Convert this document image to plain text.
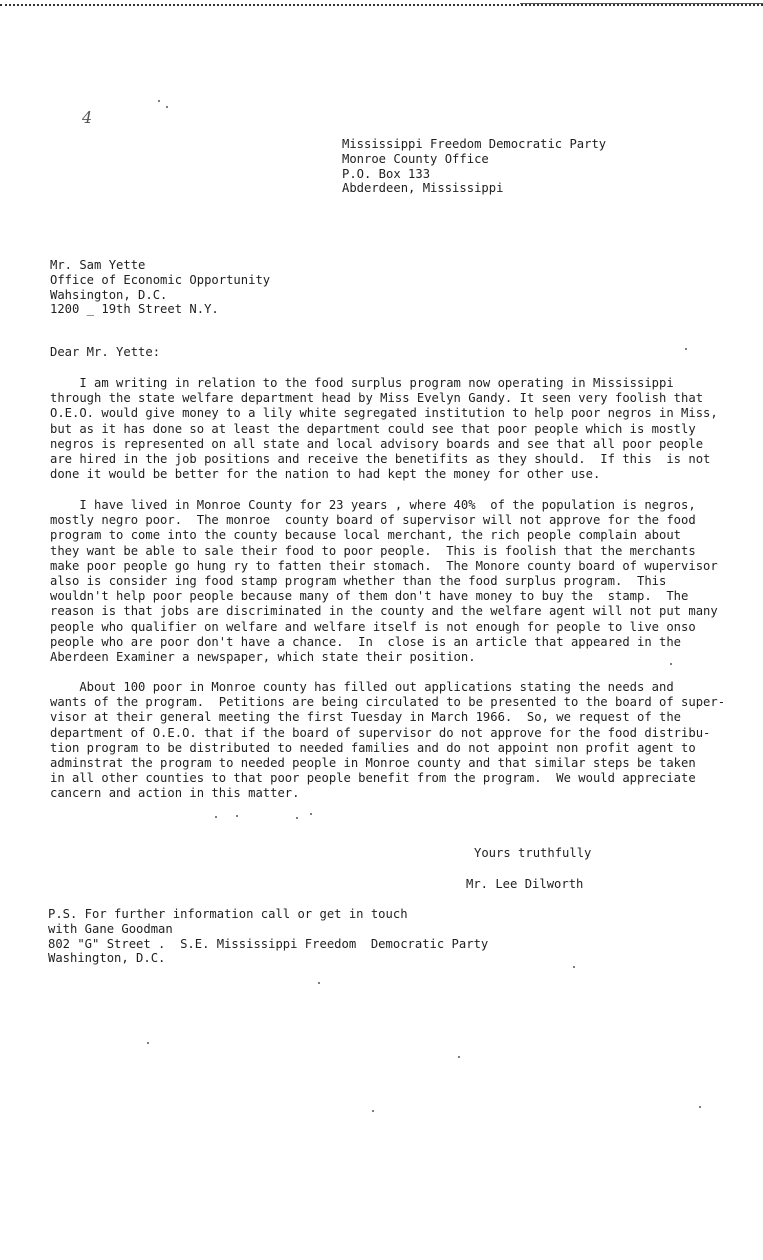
4
Mississippi Freedom Democratic Party
Monroe County Office
P.O. Box 133
Abderdeen, Mississippi
Mr. Sam Yette
Office of Economic Opportunity
Wahsington, D.C.
1200 _ 19th Street N.Y.
Dear Mr. Yette:
I am writing in relation to the food surplus program now operating in Mississippi
through the state welfare department head by Miss Evelyn Gandy. It seen very foolish that
O.E.O. would give money to a lily white segregated institution to help poor negros in Miss,
but as it has done so at least the department could see that poor people which is mostly
negros is represented on all state and local advisory boards and see that all poor people
are hired in the job positions and receive the benetifits as they should.  If this  is not
done it would be better for the nation to had kept the money for other use.
I have lived in Monroe County for 23 years , where 40%  of the population is negros,
mostly negro poor.  The monroe  county board of supervisor will not approve for the food
program to come into the county because local merchant, the rich people complain about
they want be able to sale their food to poor people.  This is foolish that the merchants
make poor people go hung ry to fatten their stomach.  The Monore county board of wupervisor
also is consider ing food stamp program whether than the food surplus program.  This
wouldn't help poor people because many of them don't have money to buy the  stamp.  The
reason is that jobs are discriminated in the county and the welfare agent will not put many
people who qualifier on welfare and welfare itself is not enough for people to live onso
people who are poor don't have a chance.  In  close is an article that appeared in the
Aberdeen Examiner a newspaper, which state their position.
About 100 poor in Monroe county has filled out applications stating the needs and
wants of the program.  Petitions are being circulated to be presented to the board of super-
visor at their general meeting the first Tuesday in March 1966.  So, we request of the
department of O.E.O. that if the board of supervisor do not approve for the food distribu-
tion program to be distributed to needed families and do not appoint non profit agent to
adminstrat the program to needed people in Monroe county and that similar steps be taken
in all other counties to that poor people benefit from the program.  We would appreciate
cancern and action in this matter.
Yours truthfully
Mr. Lee Dilworth
P.S. For further information call or get in touch
with Gane Goodman
802 "G" Street .  S.E. Mississippi Freedom  Democratic Party
Washington, D.C.
